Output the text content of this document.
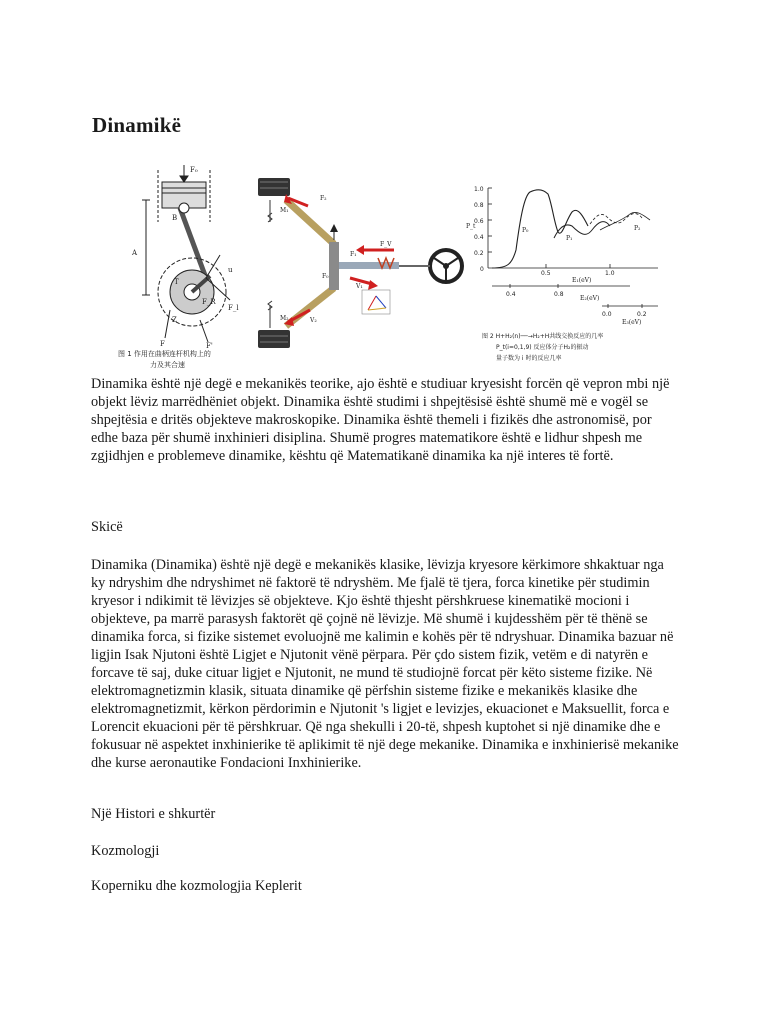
Dinamikë
F₀
B
A
T
Z
F
u
F_R
F_l
F'
图 1 作用在曲柄连杆机构上的
力及其合速
F₂
F₁
M₁
F_V
V₁
V₂
M₂
F₀
1.0
0.8
0.6
0.4
0.2
0
P_t
0.5	1.0
E₁(eV)
0.4	0.8
E₂(eV)
0.0	0.2
E₃(eV)
P₀
P₁
P₂
图 2 H+H₂(n)──→H₂+H共线交换反应的几率
P_t(i=0,1,9) 反应体分子H₂的振动
量子数为 i 时的反应几率

Dinamika është një degë e mekanikës teorike, ajo është e studiuar kryesisht forcën që vepron mbi një objekt lëviz marrëdhëniet objekt. Dinamika është studimi i shpejtësisë është shumë më e vogël se shpejtësia e dritës objekteve makroskopike. Dinamika është themeli i fizikës dhe astronomisë, por edhe baza për shumë inxhinieri disiplina. Shumë progres matematikore është e lidhur shpesh me zgjidhjen e problemeve dinamike, kështu që Matematikanë dinamika ka një interes të fortë.

Skicë

Dinamika (Dinamika) është një degë e mekanikës klasike, lëvizja kryesore kërkimore shkaktuar nga ky ndryshim dhe ndryshimet në faktorë të ndryshëm. Me fjalë të tjera, forca kinetike për studimin kryesor i ndikimit të lëvizjes së objekteve. Kjo është thjesht përshkruese kinematikë mocioni i objekteve, pa marrë parasysh faktorët që çojnë në lëvizje. Më shumë i kujdesshëm për të thënë se dinamika forca, si fizike sistemet evoluojnë me kalimin e kohës për të ndryshuar. Dinamika bazuar në ligjin Isak Njutoni është Ligjet e Njutonit vënë përpara. Për çdo sistem fizik, vetëm e di natyrën e forcave të saj, duke cituar ligjet e Njutonit, ne mund të studiojnë forcat për këto sisteme fizike. Në elektromagnetizmin klasik, situata dinamike që përfshin sisteme fizike e mekanikës klasike dhe elektromagnetizmit, kërkon përdorimin e Njutonit 's ligjet e levizjes, ekuacionet e Maksuellit, forca e Lorencit ekuacioni për të përshkruar. Që nga shekulli i 20-të, shpesh kuptohet si një dinamike dhe e fokusuar në aspektet inxhinierike të aplikimit të një dege mekanike. Dinamika e inxhinierisë mekanike dhe kurse aeronautike Fondacioni Inxhinierike.

Një Histori e shkurtër
Kozmologji
Koperniku dhe kozmologjia Keplerit
